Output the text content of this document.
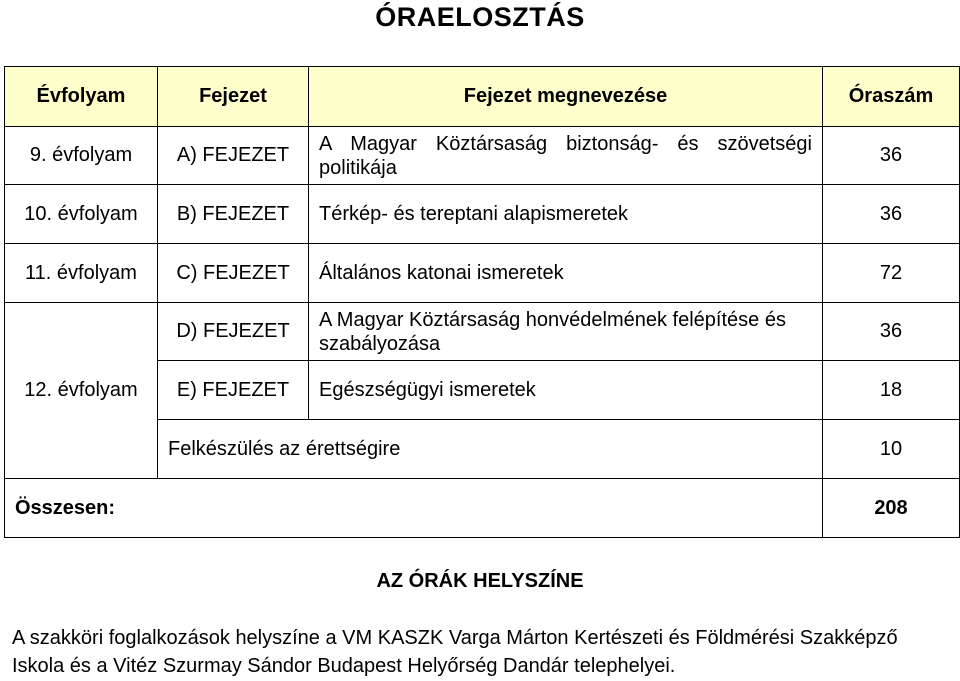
ÓRAELOSZTÁS
Évfolyam	Fejezet	Fejezet megnevezése	Óraszám
9. évfolyam	A) FEJEZET	A Magyar Köztársaság biztonság- és szövetségi politikája	36
10. évfolyam	B) FEJEZET	Térkép- és tereptani alapismeretek	36
11. évfolyam	C) FEJEZET	Általános katonai ismeretek	72
12. évfolyam	D) FEJEZET	A Magyar Köztársaság honvédelmének felépítése és szabályozása	36
	E) FEJEZET	Egészségügyi ismeretek	18
	Felkészülés az érettségire		10
Összesen:			208
AZ ÓRÁK HELYSZÍNE
A szakköri foglalkozások helyszíne a VM KASZK Varga Márton Kertészeti és Földmérési Szakképző
Iskola és a Vitéz Szurmay Sándor Budapest Helyőrség Dandár telephelyei.
